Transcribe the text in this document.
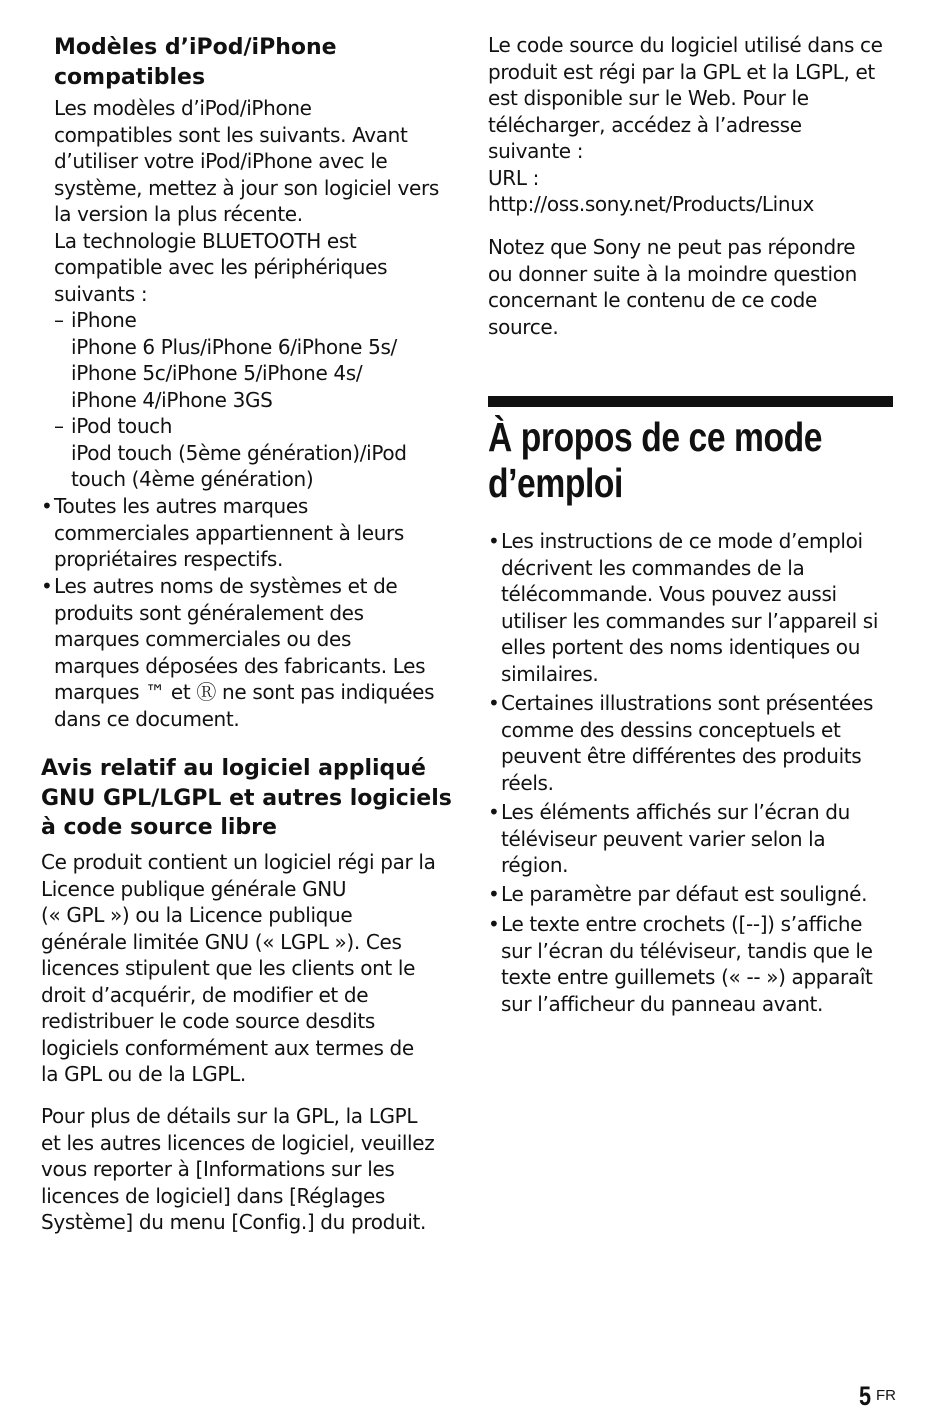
Modèles d’iPod/iPhone
compatibles

Les modèles d’iPod/iPhone
compatibles sont les suivants. Avant
d’utiliser votre iPod/iPhone avec le
système, mettez à jour son logiciel vers
la version la plus récente.
La technologie BLUETOOTH est
compatible avec les périphériques
suivants :

– iPhone
iPhone 6 Plus/iPhone 6/iPhone 5s/
iPhone 5c/iPhone 5/iPhone 4s/
iPhone 4/iPhone 3GS
– iPod touch
iPod touch (5ème génération)/iPod
touch (4ème génération)
• Toutes les autres marques
commerciales appartiennent à leurs
propriétaires respectifs.
• Les autres noms de systèmes et de
produits sont généralement des
marques commerciales ou des
marques déposées des fabricants. Les
marques ™ et Ⓡ ne sont pas indiquées
dans ce document.
Avis relatif au logiciel appliqué
GNU GPL/LGPL et autres logiciels
à code source libre

Ce produit contient un logiciel régi par la
Licence publique générale GNU
(« GPL ») ou la Licence publique
générale limitée GNU (« LGPL »). Ces
licences stipulent que les clients ont le
droit d’acquérir, de modifier et de
redistribuer le code source desdits
logiciels conformément aux termes de
la GPL ou de la LGPL.

Pour plus de détails sur la GPL, la LGPL
et les autres licences de logiciel, veuillez
vous reporter à [Informations sur les
licences de logiciel] dans [Réglages
Système] du menu [Config.] du produit.

Le code source du logiciel utilisé dans ce
produit est régi par la GPL et la LGPL, et
est disponible sur le Web. Pour le
télécharger, accédez à l’adresse
suivante :
URL :
http://oss.sony.net/Products/Linux

Notez que Sony ne peut pas répondre
ou donner suite à la moindre question
concernant le contenu de ce code
source.

À propos de ce mode
d’emploi
• Les instructions de ce mode d’emploi
décrivent les commandes de la
télécommande. Vous pouvez aussi
utiliser les commandes sur l’appareil si
elles portent des noms identiques ou
similaires.
• Certaines illustrations sont présentées
comme des dessins conceptuels et
peuvent être différentes des produits
réels.
• Les éléments affichés sur l’écran du
téléviseur peuvent varier selon la
région.
• Le paramètre par défaut est souligné.
• Le texte entre crochets ([--]) s’affiche
sur l’écran du téléviseur, tandis que le
texte entre guillemets (« -- ») apparaît
sur l’afficheur du panneau avant.
5 FR
